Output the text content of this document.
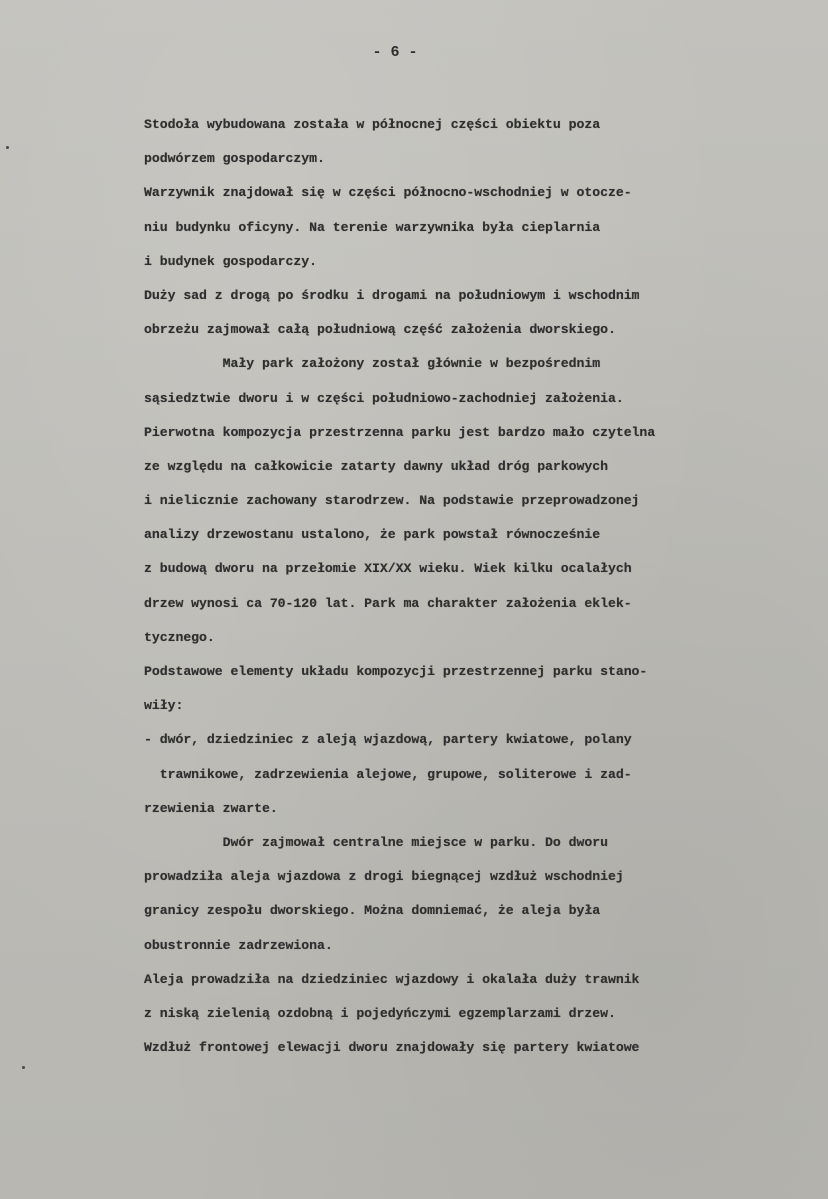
- 6 -
Stodoła wybudowana została w północnej części obiektu poza
podwórzem gospodarczym.
Warzywnik znajdował się w części północno-wschodniej w otocze-
niu budynku oficyny. Na terenie warzywnika była cieplarnia
i budynek gospodarczy.
Duży sad z drogą po środku i drogami na południowym i wschodnim
obrzeżu zajmował całą południową część założenia dworskiego.
Mały park założony został głównie w bezpośrednim
sąsiedztwie dworu i w części południowo-zachodniej założenia.
Pierwotna kompozycja przestrzenna parku jest bardzo mało czytelna
ze względu na całkowicie zatarty dawny układ dróg parkowych
i nielicznie zachowany starodrzew. Na podstawie przeprowadzonej
analizy drzewostanu ustalono, że park powstał równocześnie
z budową dworu na przełomie XIX/XX wieku. Wiek kilku ocalałych
drzew wynosi ca 70-120 lat. Park ma charakter założenia eklek-
tycznego.
Podstawowe elementy układu kompozycji przestrzennej parku stano-
wiły:
- dwór, dziedziniec z aleją wjazdową, partery kwiatowe, polany
trawnikowe, zadrzewienia alejowe, grupowe, soliterowe i zad-
rzewienia zwarte.
Dwór zajmował centralne miejsce w parku. Do dworu
prowadziła aleja wjazdowa z drogi biegnącej wzdłuż wschodniej
granicy zespołu dworskiego. Można domniemać, że aleja była
obustronnie zadrzewiona.
Aleja prowadziła na dziedziniec wjazdowy i okalała duży trawnik
z niską zielenią ozdobną i pojedyńczymi egzemplarzami drzew.
Wzdłuż frontowej elewacji dworu znajdowały się partery kwiatowe
